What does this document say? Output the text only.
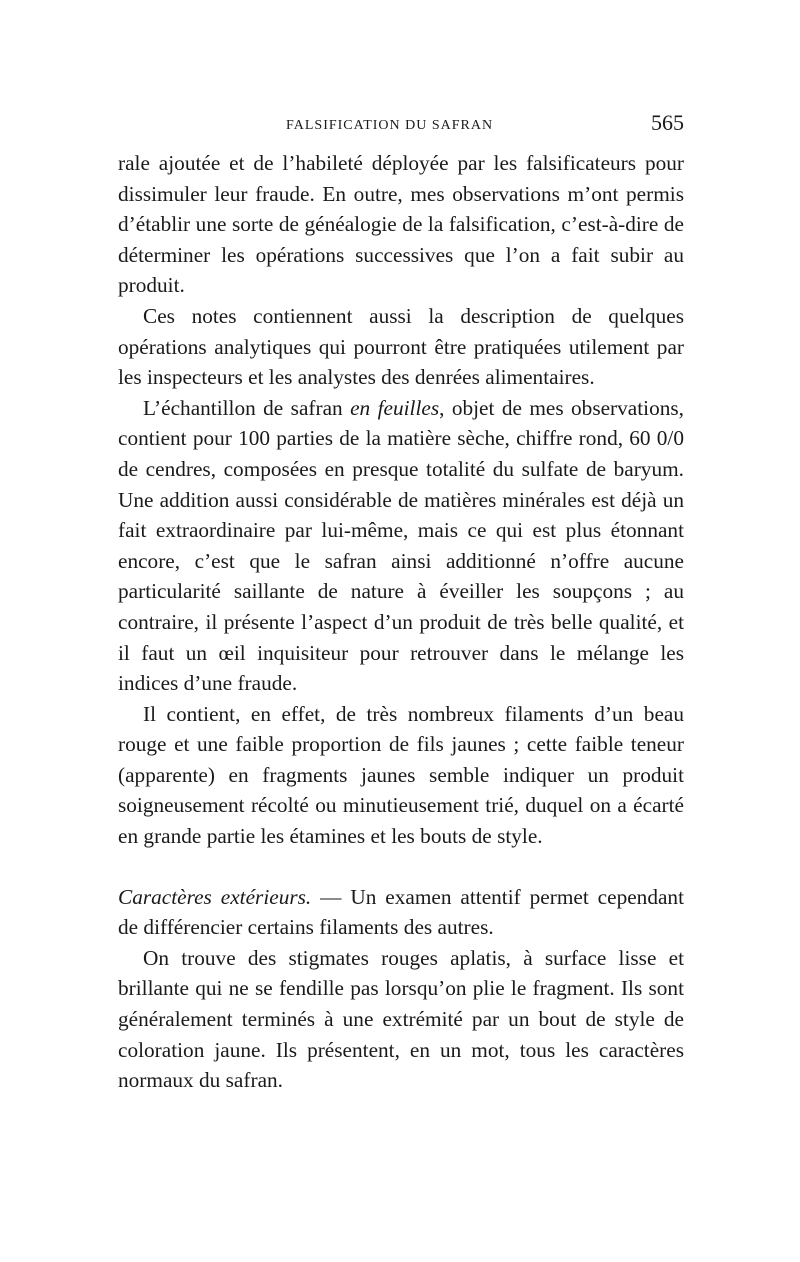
FALSIFICATION DU SAFRAN	565

rale ajoutée et de l’habileté déployée par les falsificateurs pour dissimuler leur fraude. En outre, mes observations m’ont permis d’établir une sorte de généalogie de la falsification, c’est-à-dire de déterminer les opérations successives que l’on a fait subir au produit.

Ces notes contiennent aussi la description de quelques opérations analytiques qui pourront être pratiquées utilement par les inspecteurs et les analystes des denrées alimentaires.

L’échantillon de safran en feuilles, objet de mes observations, contient pour 100 parties de la matière sèche, chiffre rond, 60 0/0 de cendres, composées en presque totalité du sulfate de baryum. Une addition aussi considérable de matières minérales est déjà un fait extraordinaire par lui-même, mais ce qui est plus étonnant encore, c’est que le safran ainsi additionné n’offre aucune particularité saillante de nature à éveiller les soupçons ; au contraire, il présente l’aspect d’un produit de très belle qualité, et il faut un œil inquisiteur pour retrouver dans le mélange les indices d’une fraude.

Il contient, en effet, de très nombreux filaments d’un beau rouge et une faible proportion de fils jaunes ; cette faible teneur (apparente) en fragments jaunes semble indiquer un produit soigneusement récolté ou minutieusement trié, duquel on a écarté en grande partie les étamines et les bouts de style.

Caractères extérieurs. — Un examen attentif permet cependant de différencier certains filaments des autres.

On trouve des stigmates rouges aplatis, à surface lisse et brillante qui ne se fendille pas lorsqu’on plie le fragment. Ils sont généralement terminés à une extrémité par un bout de style de coloration jaune. Ils présentent, en un mot, tous les caractères normaux du safran.
